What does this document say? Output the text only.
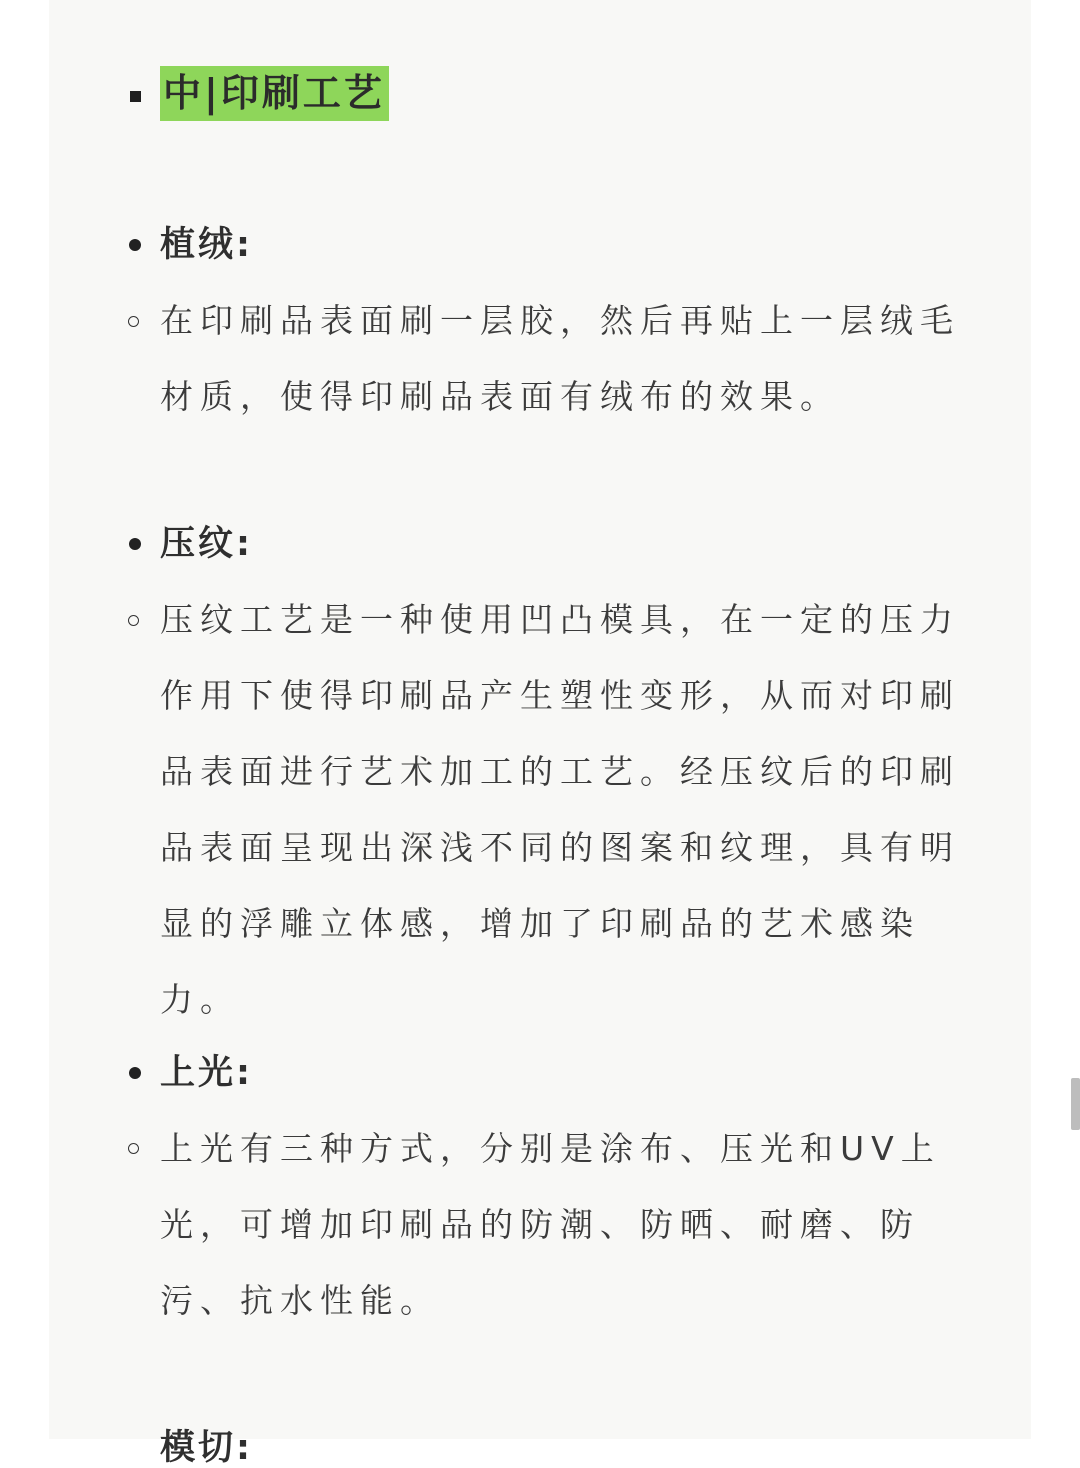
中|印刷工艺
植绒:

在印刷品表面刷一层胶，然后再贴上一层绒毛材质，使得印刷品表面有绒布的效果。

压纹:

压纹工艺是一种使用凹凸模具，在一定的压力作用下使得印刷品产生塑性变形，从而对印刷品表面进行艺术加工的工艺。经压纹后的印刷品表面呈现出深浅不同的图案和纹理，具有明显的浮雕立体感，增加了印刷品的艺术感染力。

上光:

上光有三种方式，分别是涂布、压光和UV上光，可增加印刷品的防潮、防晒、耐磨、防污、抗水性能。

模切:
